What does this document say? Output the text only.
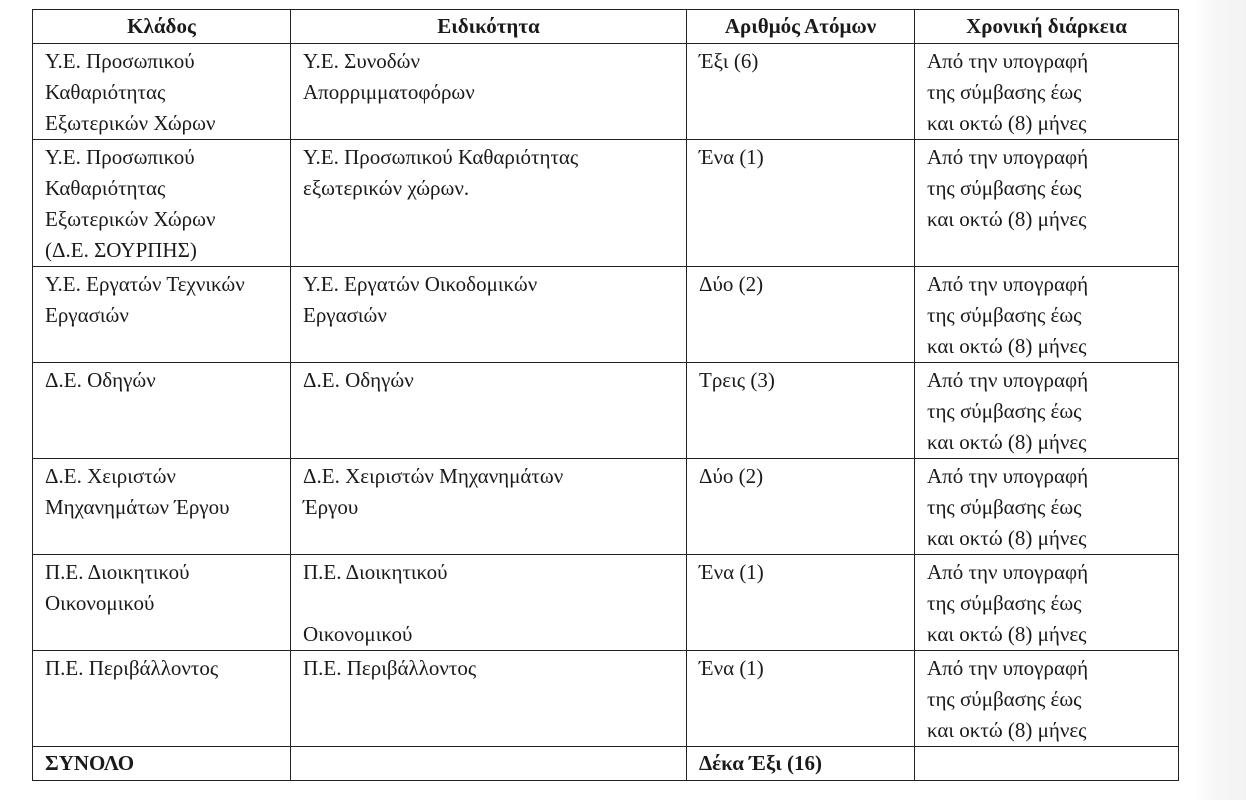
Κλάδος	Ειδικότητα	Αριθμός Ατόμων	Χρονική διάρκεια

Υ.Ε. Προσωπικού
Καθαριότητας
Εξωτερικών Χώρων	Υ.Ε. Συνοδών
Απορριμματοφόρων	Έξι (6)	Από την υπογραφή
της σύμβασης έως
και οκτώ (8) μήνες

Υ.Ε. Προσωπικού
Καθαριότητας
Εξωτερικών Χώρων
(Δ.Ε. ΣΟΥΡΠΗΣ)	Υ.Ε. Προσωπικού Καθαριότητας
εξωτερικών χώρων.	Ένα (1)	Από την υπογραφή
της σύμβασης έως
και οκτώ (8) μήνες

Υ.Ε. Εργατών Τεχνικών
Εργασιών	Υ.Ε. Εργατών Οικοδομικών
Εργασιών	Δύο (2)	Από την υπογραφή
της σύμβασης έως
και οκτώ (8) μήνες

Δ.Ε. Οδηγών	Δ.Ε. Οδηγών	Τρεις (3)	Από την υπογραφή
της σύμβασης έως
και οκτώ (8) μήνες

Δ.Ε. Χειριστών
Μηχανημάτων Έργου	Δ.Ε. Χειριστών Μηχανημάτων
Έργου	Δύο (2)	Από την υπογραφή
της σύμβασης έως
και οκτώ (8) μήνες

Π.Ε. Διοικητικού
Οικονομικού	Π.Ε. Διοικητικού

Οικονομικού	Ένα (1)	Από την υπογραφή
της σύμβασης έως
και οκτώ (8) μήνες

Π.Ε. Περιβάλλοντος	Π.Ε. Περιβάλλοντος	Ένα (1)	Από την υπογραφή
της σύμβασης έως
και οκτώ (8) μήνες

ΣΥΝΟΛΟ		Δέκα Έξι (16)	
